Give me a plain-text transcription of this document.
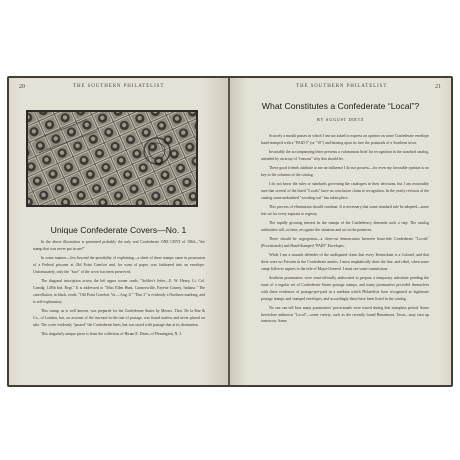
20	THE SOUTHERN PHILATELIST
Unique Confederate Covers—No. 1

In the above illustration is presented probably the only real Confederate ONE CENT of 1864—"the stamp that was never put in use!"

In some manner—few beyond the possibility of explaining—a sheet of these stamps came in possession of a Federal prisoner at Old Point Comfort and, for want of paper, was fashioned into an envelope. Unfortunately, only the "face" of the cover has been preserved.

The diagonal inscription across the left upper corner reads, "Soldier's letter—E. W. Henry, Lt. Col. Comdg. 128th Ind. Regt." It is addressed to "Miss Ellen Hunt, Connersville, Fayette County, Indiana." The cancellation, in black, reads, "Old Point Comfort, Va.—Aug. 6." "Due 3" is evidently a Northern marking, and is self-explanatory.

This stamp, as is well known, was prepared for the Confederate States by Messrs. Thos. De la Rue & Co., of London, but, on account of the increase in the rate of postage, was found useless and never placed on sale. The cover evidently "passed" the Confederate lines, but was taxed with postage due at its destination.

This singularly unique piece is from the collection of Hiram E. Deats, of Flemington, N. J.

THE SOUTHERN PHILATELIST	21
What Constitutes a Confederate “Local”?
BY AUGUST DIETZ

Scarcely a month passes in which I am not asked to express an opinion on some Confederate envelope hand-stamped with a "PAID 5" (or "10") and bearing upon its face the postmark of a Southern town.

Invariably the accompanying letter presents a voluminous brief for recognition in the standard catalog, attended by an array of "reasons" why this should be.

These good friends attribute to me an influence I do not possess—for even my favorable opinion is no key to the columns of the catalog.

I do not know the rules or standards governing the catalogers in their decisions, but I am reasonably sure that several of the listed "Locals" have no conclusive claim to recognition. In the yearly revision of the catalog some undoubted "wooding-out" has taken place.

This process of elimination should continue. It is necessary that some standard rule be adopted—some test set for every aspirant to registry.

The rapidly growing interest in the stamps of the Confederacy demands such a step. The catalog authorities will, in time, recognize the situation and act in the premises.

There should be segregation—a clear-cut demarcation between bona-fide Confederate "Locals" (Provisionals) and Hand-Stamped "PAID" Envelopes.

While I am a staunch defender of the undisputed claim that every Kentuckian is a Colonel, and that there were no Privates in the Confederate armies, I most emphatically draw the line, and rebel, when some camp-follower aspires to the title of Major-General. I must see some commission.

Southern postmasters were semi-officially authorized to prepare a temporary substitute pending the issue of a regular set of Confederate States postage stamps, and many postmasters provided themselves with these evidences of postage-pre-paid in a medium which Philatelists have recognized as legitimate postage stamps and stamped envelopes, and accordingly these have been listed in the catalog.

No one can tell how many postmasters' provisionals were issued during that stampless period. Some heretofore unknown "Local"—some variety, such as the recently found Benaimont, Texas—may turn up tomorrow. Some
